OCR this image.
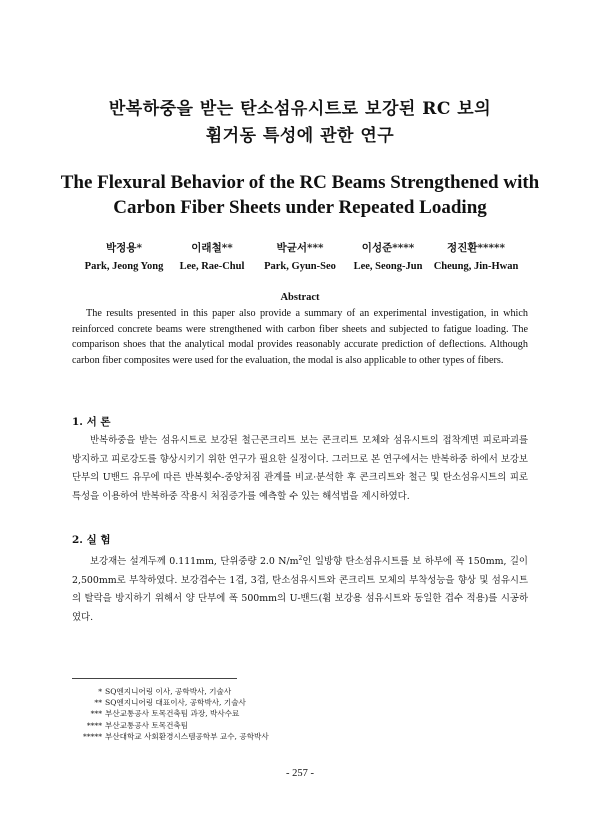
반복하중을 받는 탄소섬유시트로 보강된 RC 보의
휨거동 특성에 관한 연구
The Flexural Behavior of the RC Beams Strengthened with
Carbon Fiber Sheets under Repeated Loading
박정용*	이래철**	박균서***	이성준****	정진환*****
Park, Jeong Yong	Lee, Rae-Chul	Park, Gyun-Seo	Lee, Seong-Jun	Cheung, Jin-Hwan
Abstract
The results presented in this paper also provide a summary of an experimental investigation, in which reinforced concrete beams were strengthened with carbon fiber sheets and subjected to fatigue loading. The comparison shoes that the analytical modal provides reasonably accurate prediction of deflections. Although carbon fiber composites were used for the evaluation, the modal is also applicable to other types of fibers.
1. 서 론
반복하중을 받는 섬유시트로 보강된 철근콘크리트 보는 콘크리트 모체와 섬유시트의 접착계면 피로파괴를 방지하고 피로강도를 향상시키기 위한 연구가 필요한 실정이다. 그러므로 본 연구에서는 반복하중 하에서 보강보 단부의 U밴드 유무에 따른 반복횟수-중앙처짐 관계를 비교·분석한 후 콘크리트와 철근 및 탄소섬유시트의 피로특성을 이용하여 반복하중 작용시 처짐증가를 예측할 수 있는 해석법을 제시하였다.
2. 실 험
보강재는 설계두께 0.111mm, 단위중량 2.0 $N/m^2$인 일방향 탄소섬유시트를 보 하부에 폭 150mm, 길이 2,500mm로 부착하였다. 보강겹수는 1겹, 3겹, 탄소섬유시트와 콘크리트 모체의 부착성능을 향상 및 섬유시트의 탈락을 방지하기 위해서 양 단부에 폭 500mm의 U-밴드(휨 보강용 섬유시트와 동일한 겹수 적용)를 시공하였다.
* SQ엔지니어링 이사, 공학박사, 기술사
** SQ엔지니어링 대표이사, 공학박사, 기술사
*** 부산교통공사 토목건축팀 과장, 박사수료
**** 부산교통공사 토목건축팀
***** 부산대학교 사회환경시스템공학부 교수, 공학박사
- 257 -
